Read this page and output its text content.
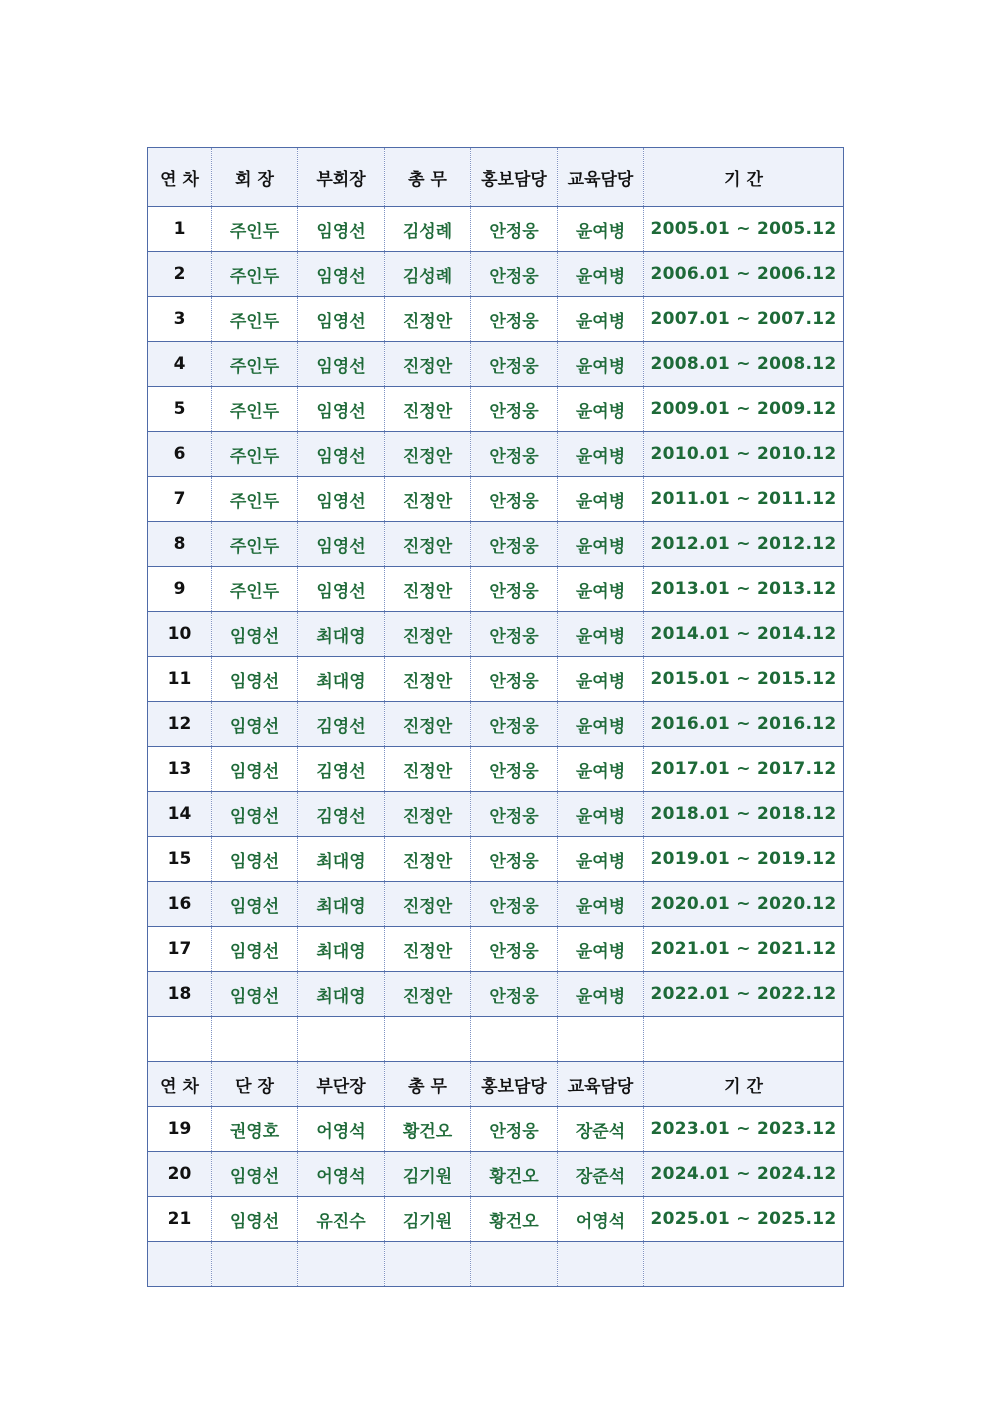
연 차	회 장	부회장	총 무	홍보담당	교육담당	기 간
1	주인두	임영선	김성례	안정웅	윤여병	2005.01 ~ 2005.12
2	주인두	임영선	김성례	안정웅	윤여병	2006.01 ~ 2006.12
3	주인두	임영선	진정안	안정웅	윤여병	2007.01 ~ 2007.12
4	주인두	임영선	진정안	안정웅	윤여병	2008.01 ~ 2008.12
5	주인두	임영선	진정안	안정웅	윤여병	2009.01 ~ 2009.12
6	주인두	임영선	진정안	안정웅	윤여병	2010.01 ~ 2010.12
7	주인두	임영선	진정안	안정웅	윤여병	2011.01 ~ 2011.12
8	주인두	임영선	진정안	안정웅	윤여병	2012.01 ~ 2012.12
9	주인두	임영선	진정안	안정웅	윤여병	2013.01 ~ 2013.12
10	임영선	최대영	진정안	안정웅	윤여병	2014.01 ~ 2014.12
11	임영선	최대영	진정안	안정웅	윤여병	2015.01 ~ 2015.12
12	임영선	김영선	진정안	안정웅	윤여병	2016.01 ~ 2016.12
13	임영선	김영선	진정안	안정웅	윤여병	2017.01 ~ 2017.12
14	임영선	김영선	진정안	안정웅	윤여병	2018.01 ~ 2018.12
15	임영선	최대영	진정안	안정웅	윤여병	2019.01 ~ 2019.12
16	임영선	최대영	진정안	안정웅	윤여병	2020.01 ~ 2020.12
17	임영선	최대영	진정안	안정웅	윤여병	2021.01 ~ 2021.12
18	임영선	최대영	진정안	안정웅	윤여병	2022.01 ~ 2022.12

연 차	단 장	부단장	총 무	홍보담당	교육담당	기 간
19	권영호	어영석	황건오	안정웅	장준석	2023.01 ~ 2023.12
20	임영선	어영석	김기원	황건오	장준석	2024.01 ~ 2024.12
21	임영선	유진수	김기원	황건오	어영석	2025.01 ~ 2025.12
